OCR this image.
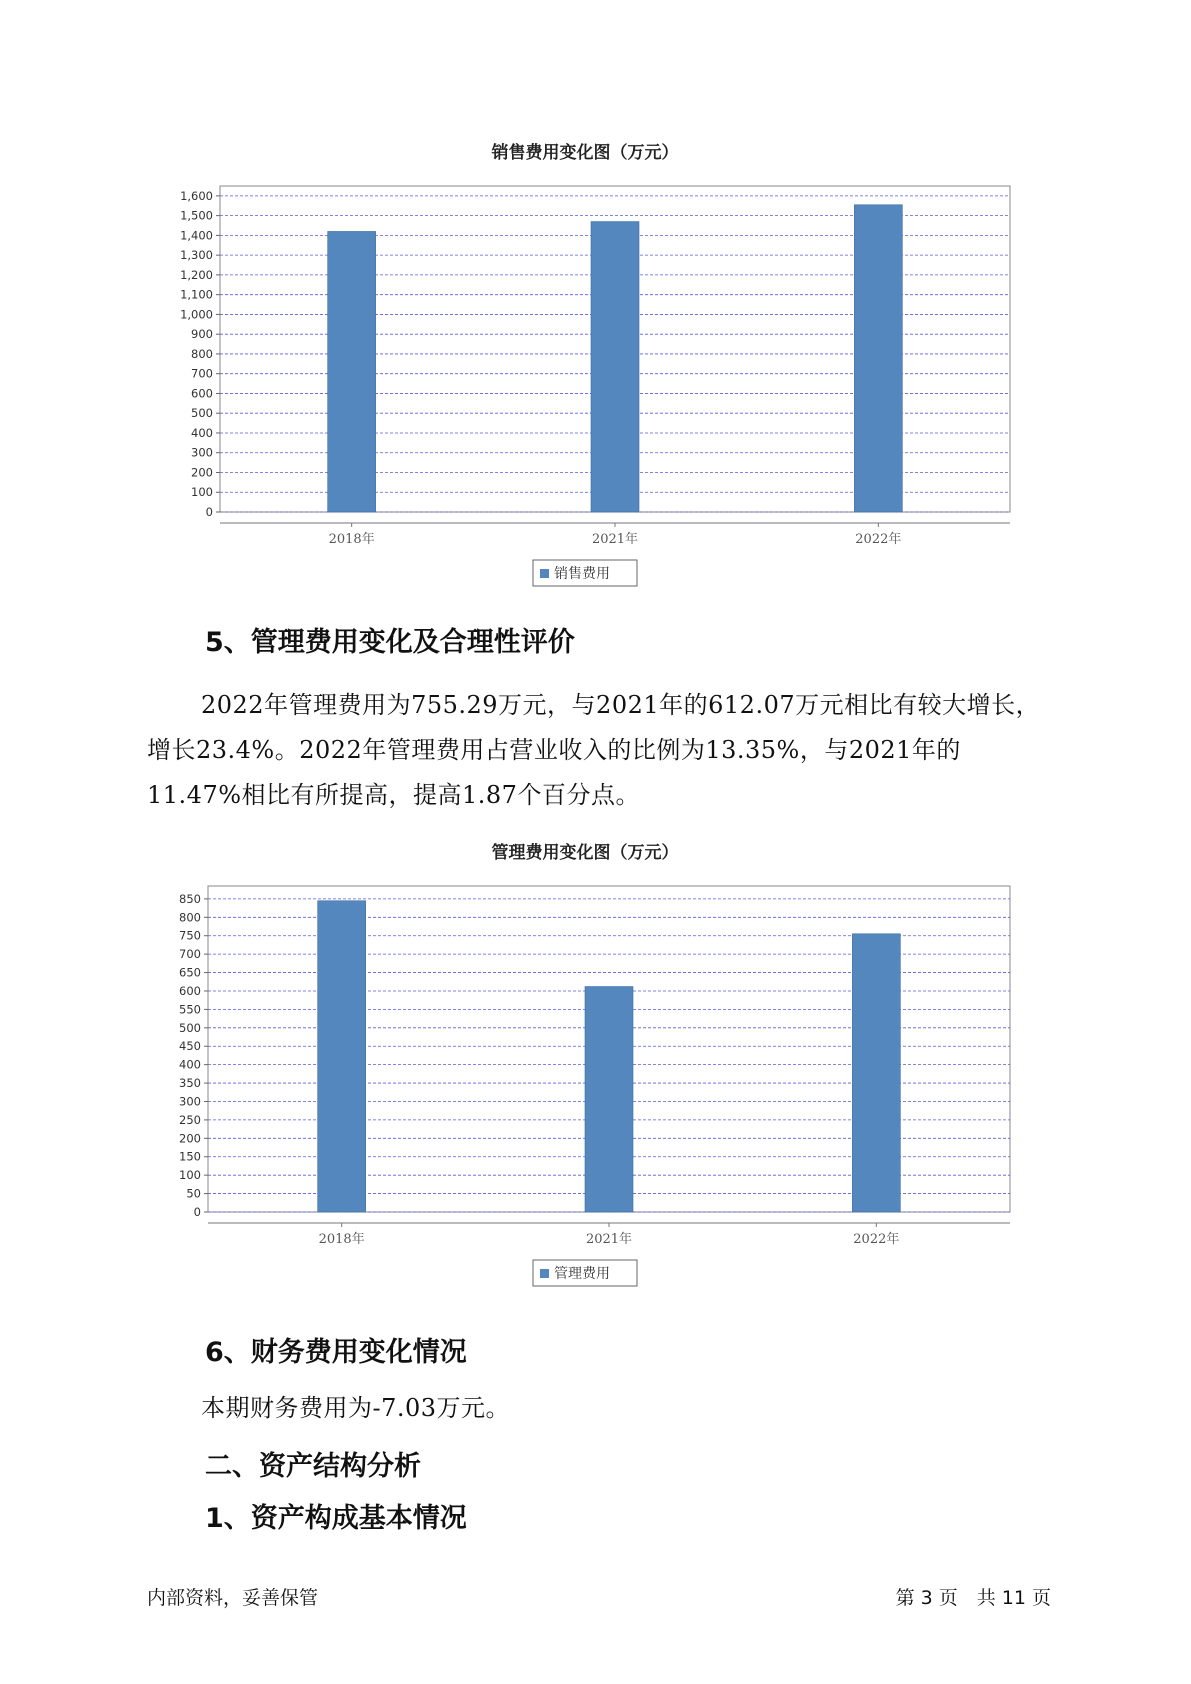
销售费用变化图（万元）
0
100
200
300
400
500
600
700
800
900
1,000
1,100
1,200
1,300
1,400
1,500
1,600
2018年	2021年	2022年
销售费用
5、管理费用变化及合理性评价

2022年管理费用为755.29万元，与2021年的612.07万元相比有较大增长，增长23.4%。2022年管理费用占营业收入的比例为13.35%，与2021年的11.47%相比有所提高，提高1.87个百分点。

管理费用变化图（万元）
0
50
100
150
200
250
300
350
400
450
500
550
600
650
700
750
800
850
2018年	2021年	2022年
管理费用
6、财务费用变化情况

本期财务费用为-7.03万元。

二、资产结构分析
1、资产构成基本情况
内部资料，妥善保管	第 3 页　共 11 页
